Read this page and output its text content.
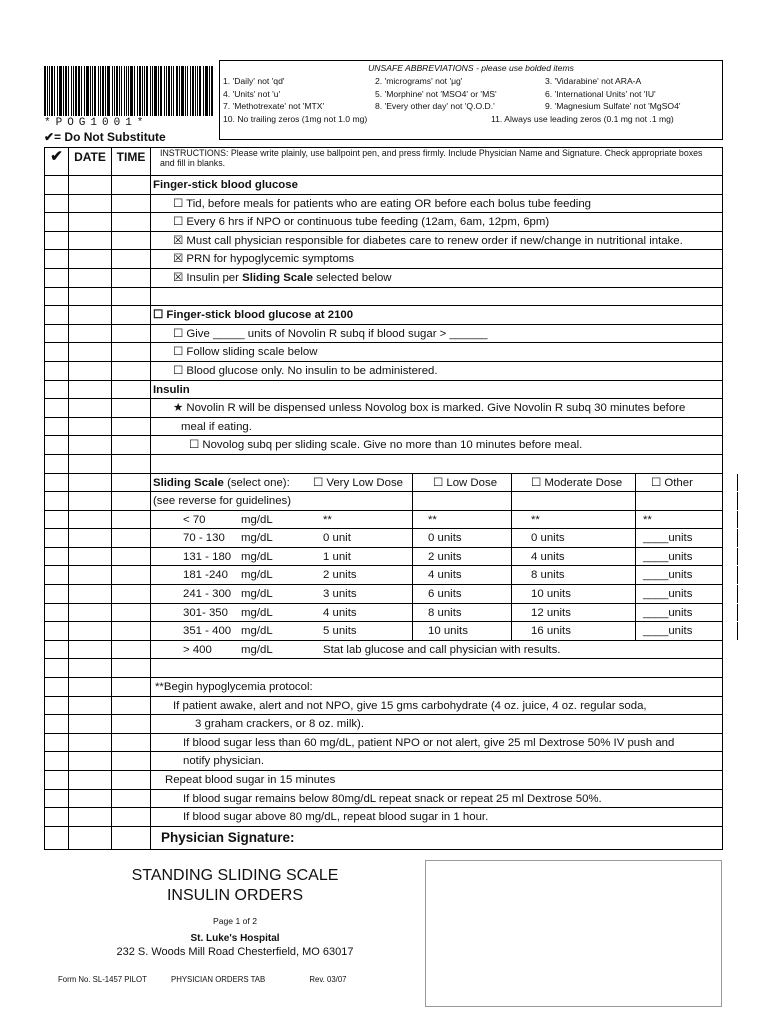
*POG1001*
✔= Do Not Substitute
UNSAFE ABBREVIATIONS - please use bolded items
1. 'Daily' not 'qd'	2. 'micrograms' not 'μg'	3. 'Vidarabine' not ARA-A
4. 'Units' not 'u'	5. 'Morphine' not 'MSO4' or 'MS'	6. 'International Units' not 'IU'
7. 'Methotrexate' not 'MTX'	8. 'Every other day' not 'Q.O.D.'	9. 'Magnesium Sulfate' not 'MgSO4'
10. No trailing zeros (1mg not 1.0 mg)	11. Always use leading zeros (0.1 mg not .1 mg)
✔ DATE TIME	INSTRUCTIONS: Please write plainly, use ballpoint pen, and press firmly. Include Physician Name and Signature. Check appropriate boxes and fill in blanks.
Finger-stick blood glucose
☐ Tid, before meals for patients who are eating OR before each bolus tube feeding
☐ Every 6 hrs if NPO or continuous tube feeding (12am, 6am, 12pm, 6pm)
☒ Must call physician responsible for diabetes care to renew order if new/change in nutritional intake.
☒ PRN for hypoglycemic symptoms
☒ Insulin per Sliding Scale selected below
☐ Finger-stick blood glucose at 2100
☐ Give _____ units of Novolin R subq if blood sugar > ______
☐ Follow sliding scale below
☐ Blood glucose only. No insulin to be administered.
Insulin
★ Novolin R will be dispensed unless Novolog box is marked. Give Novolin R subq 30 minutes before
meal if eating.
☐ Novolog subq per sliding scale. Give no more than 10 minutes before meal.
Sliding Scale (select one): ☐ Very Low Dose	☐ Low Dose	☐ Moderate Dose	☐ Other
(see reverse for guidelines)
< 70	mg/dL	**	**	**	**
70 - 130 mg/dL	0 unit	0 units	0 units	____units
131 - 180 mg/dL	1 unit	2 units	4 units	____units
181 -240 mg/dL	2 units	4 units	8 units	____units
241 - 300 mg/dL	3 units	6 units	10 units	____units
301- 350 mg/dL	4 units	8 units	12 units	____units
351 - 400 mg/dL	5 units	10 units	16 units	____units
> 400	mg/dL	Stat lab glucose and call physician with results.
**Begin hypoglycemia protocol:
If patient awake, alert and not NPO, give 15 gms carbohydrate (4 oz. juice, 4 oz. regular soda,
3 graham crackers, or 8 oz. milk).
If blood sugar less than 60 mg/dL, patient NPO or not alert, give 25 ml Dextrose 50% IV push and
notify physician.
Repeat blood sugar in 15 minutes
If blood sugar remains below 80mg/dL repeat snack or repeat 25 ml Dextrose 50%.
If blood sugar above 80 mg/dL, repeat blood sugar in 1 hour.
Physician Signature:
STANDING SLIDING SCALE
INSULIN ORDERS
Page 1 of 2
St. Luke's Hospital
232 S. Woods Mill Road Chesterfield, MO 63017
Form No. SL-1457 PILOT	PHYSICIAN ORDERS TAB	Rev. 03/07
